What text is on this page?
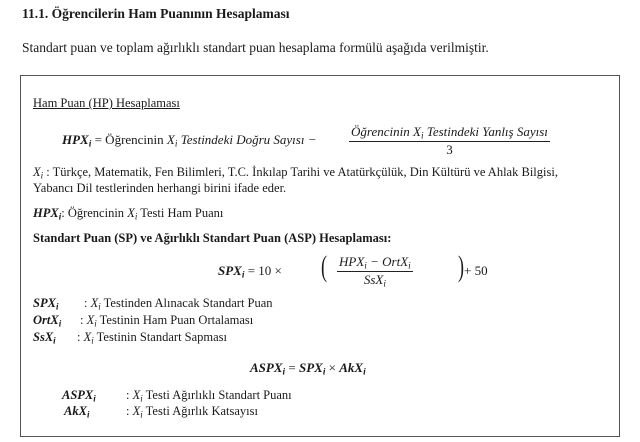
11.1. Öğrencilerin Ham Puanının Hesaplaması
Standart puan ve toplam ağırlıklı standart puan hesaplama formülü aşağıda verilmiştir.
Ham Puan (HP) Hesaplaması
$HPX_i$ = Öğrencinin $X_i$ Testindeki Doğru Sayısı −
Öğrencinin $X_i$ Testindeki Yanlış Sayısı
3
$X_i$ : Türkçe, Matematik, Fen Bilimleri, T.C. İnkılap Tarihi ve Atatürkçülük, Din Kültürü ve Ahlak Bilgisi,
Yabancı Dil testlerinden herhangi birini ifade eder.
$HPX_i$: Öğrencinin $X_i$ Testi Ham Puanı
Standart Puan (SP) ve Ağırlıklı Standart Puan (ASP) Hesaplaması:
$SPX_i = 10$ × ( $HPX_i$ − OrtX$_i$
SsX$_i$
) + 50
$SPX_i$ : $X_i$ Testinden Alınacak Standart Puan
OrtX$_i$ : $X_i$ Testinin Ham Puan Ortalaması
SsX$_i$ : $X_i$ Testinin Standart Sapması
$ASPX_i = SPX_i \times AkX_i$
$ASPX_i$ : $X_i$ Testi Ağırlıklı Standart Puanı
AkX$_i$	: $X_i$ Testi Ağırlık Katsayısı
